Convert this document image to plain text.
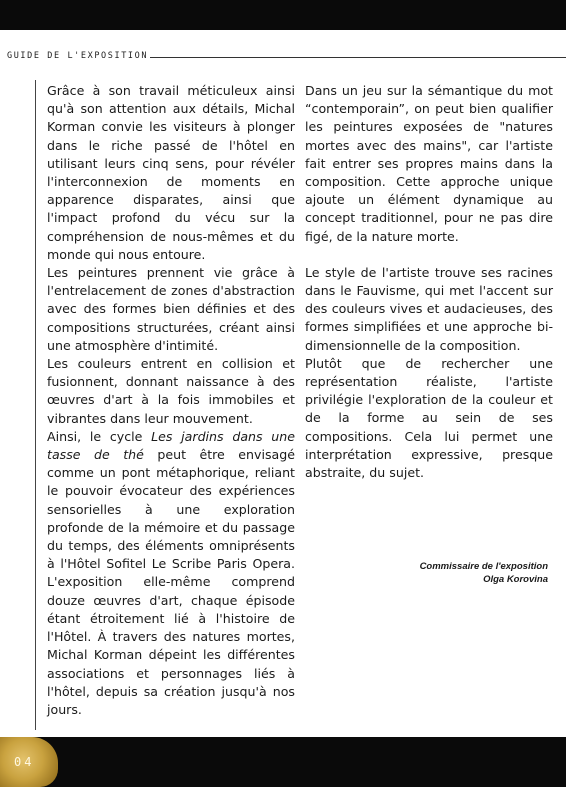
GUIDE DE L'EXPOSITION

Grâce à son travail méticuleux ainsi qu'à son attention aux détails, Michal Korman convie les visiteurs à plonger dans le riche passé de l'hôtel en utilisant leurs cinq sens, pour révéler l'interconnexion de moments en apparence disparates, ainsi que l'impact profond du vécu sur la compréhension de nous-mêmes et du monde qui nous entoure.

Les peintures prennent vie grâce à l'entrelacement de zones d'abstraction avec des formes bien définies et des compositions structurées, créant ainsi une atmosphère d'intimité.

Les couleurs entrent en collision et fusionnent, donnant naissance à des œuvres d'art à la fois immobiles et vibrantes dans leur mouvement.

Ainsi, le cycle Les jardins dans une tasse de thé peut être envisagé comme un pont métaphorique, reliant le pouvoir évocateur des expériences sensorielles à une exploration profonde de la mémoire et du passage du temps, des éléments omniprésents à l'Hôtel Sofitel Le Scribe Paris Opera. L'exposition elle-même comprend douze œuvres d'art, chaque épisode étant étroitement lié à l'histoire de l'Hôtel. À travers des natures mortes, Michal Korman dépeint les différentes associations et personnages liés à l'hôtel, depuis sa création jusqu'à nos jours.

Dans un jeu sur la sémantique du mot “contemporain”, on peut bien qualifier les peintures exposées de "natures mortes avec des mains", car l'artiste fait entrer ses propres mains dans la composition. Cette approche unique ajoute un élément dynamique au concept traditionnel, pour ne pas dire figé, de la nature morte.

Le style de l'artiste trouve ses racines dans le Fauvisme, qui met l'accent sur des couleurs vives et audacieuses, des formes simplifiées et une approche bi-dimensionnelle de la composition.

Plutôt que de rechercher une représentation réaliste, l'artiste privilégie l'exploration de la couleur et de la forme au sein de ses compositions. Cela lui permet une interprétation expressive, presque abstraite, du sujet.

Commissaire de l'exposition
Olga Korovina
04
